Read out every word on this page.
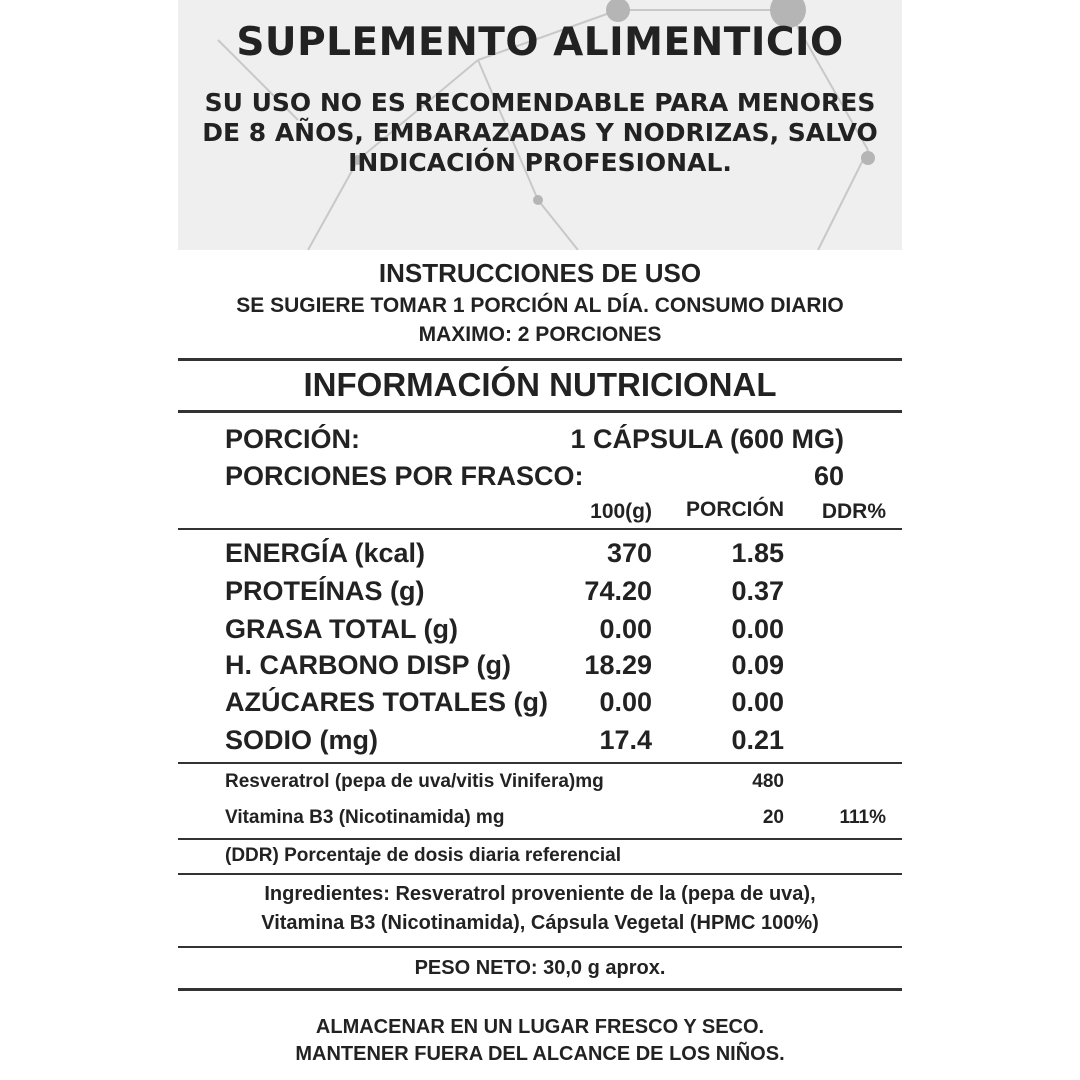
SUPLEMENTO ALIMENTICIO
SU USO NO ES RECOMENDABLE PARA MENORES DE 8 AÑOS, EMBARAZADAS Y NODRIZAS, SALVO INDICACIÓN PROFESIONAL.
INSTRUCCIONES DE USO
SE SUGIERE TOMAR 1 PORCIÓN AL DÍA. CONSUMO DIARIO
MAXIMO: 2 PORCIONES
INFORMACIÓN NUTRICIONAL
PORCIÓN:	1 CÁPSULA (600 MG)
PORCIONES POR FRASCO:	60
100(g) PORCIÓN DDR%
ENERGÍA (kcal)	370	1.85
PROTEÍNAS (g)	74.20	0.37
GRASA TOTAL (g)	0.00	0.00
H. CARBONO DISP (g)	18.29	0.09
AZÚCARES TOTALES (g) 0.00	0.00
SODIO (mg)	17.4	0.21
Resveratrol (pepa de uva/vitis Vinifera)mg	480
Vitamina B3 (Nicotinamida) mg	20	111%
(DDR) Porcentaje de dosis diaria referencial
Ingredientes: Resveratrol proveniente de la (pepa de uva),
Vitamina B3 (Nicotinamida), Cápsula Vegetal (HPMC 100%)
PESO NETO: 30,0 g aprox.
ALMACENAR EN UN LUGAR FRESCO Y SECO.
MANTENER FUERA DEL ALCANCE DE LOS NIÑOS.
